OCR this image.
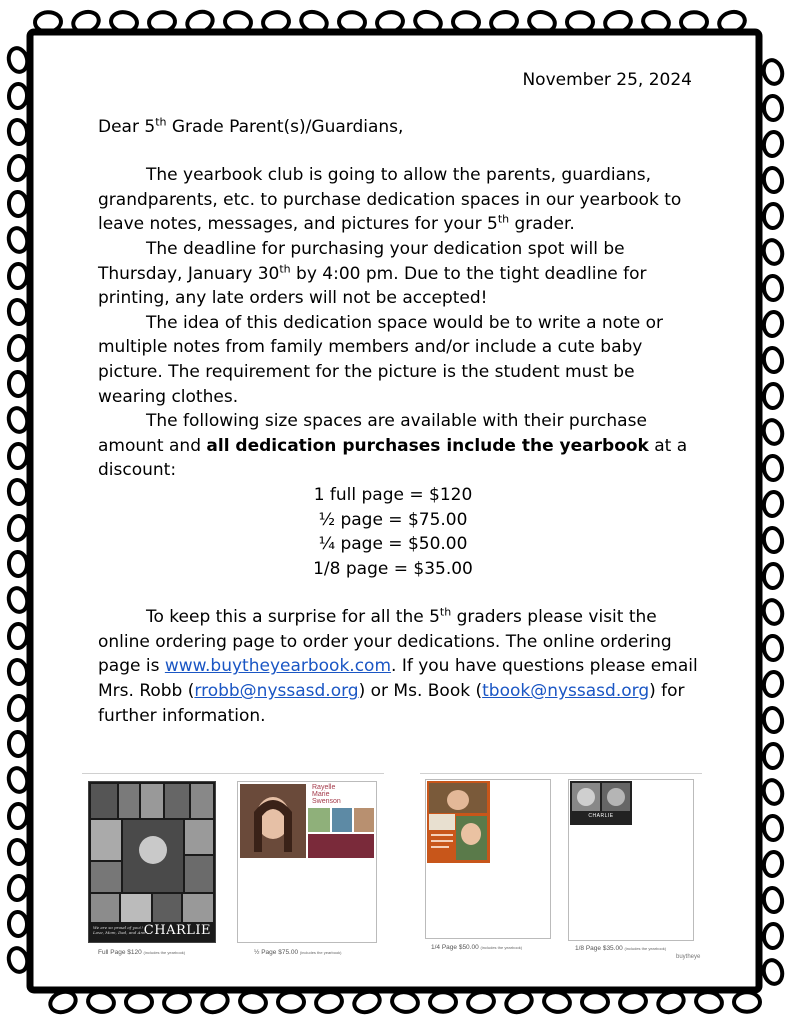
November 25, 2024
Dear 5th Grade Parent(s)/Guardians,

The yearbook club is going to allow the parents, guardians, grandparents, etc. to purchase dedication spaces in our yearbook to leave notes, messages, and pictures for your 5th grader.

The deadline for purchasing your dedication spot will be Thursday, January 30th by 4:00 pm. Due to the tight deadline for printing, any late orders will not be accepted!

The idea of this dedication space would be to write a note or multiple notes from family members and/or include a cute baby picture. The requirement for the picture is the student must be wearing clothes.

The following size spaces are available with their purchase amount and all dedication purchases include the yearbook at a discount:

1 full page = $120
½ page = $75.00
¼ page = $50.00
1/8 page = $35.00

To keep this a surprise for all the 5th graders please visit the online ordering page to order your dedications. The online ordering page is www.buytheyearbook.com. If you have questions please email Mrs. Robb (rrobb@nyssasd.org) or Ms. Book (tbook@nyssasd.org) for further information.

We are so proud of you!! Love, Mom, Dad, and Ann
CHARLIE
Full Page $120 (includes the yearbook)
Rayelle
Marie
Swenson
½ Page $75.00 (includes the yearbook)
1/4 Page $50.00 (includes the yearbook)
CHARLIE
1/8 Page $35.00 (includes the yearbook)
buytheye
